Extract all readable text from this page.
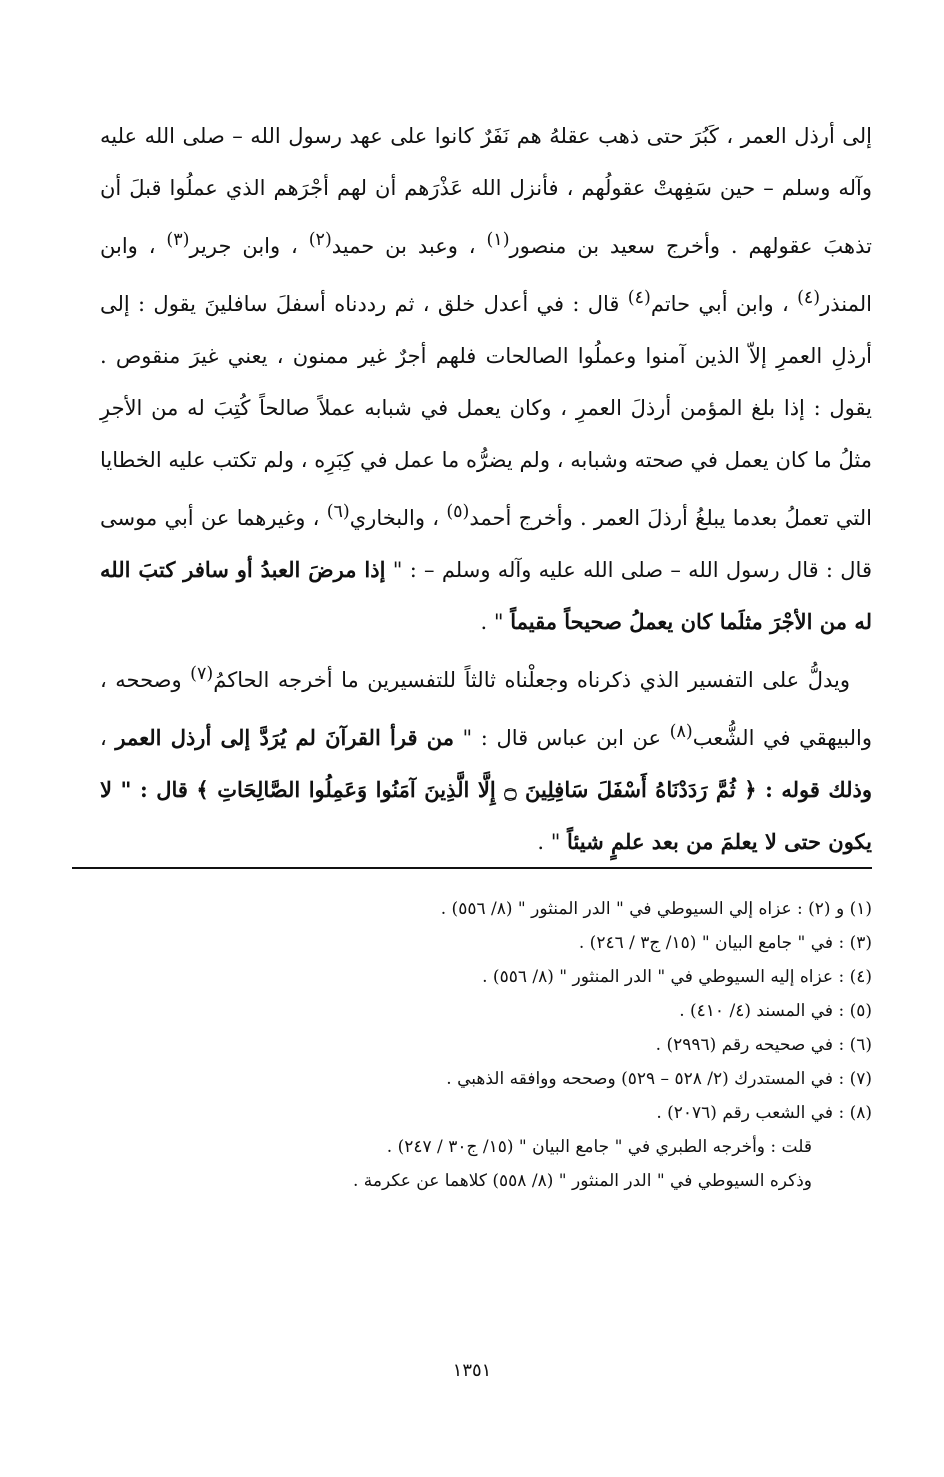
إلى أرذل العمر ، كَبُرَ حتى ذهب عقلهُ هم نَفَرٌ كانوا على عهد رسول الله – صلى الله عليه وآله وسلم – حين سَفِهتْ عقولُهم ، فأنزل الله عَذْرَهم أن لهم أجْرَهم الذي عملُوا قبلَ أن تذهبَ عقولهم . وأخرج سعيد بن منصور$^{(١)}$ ، وعبد بن حميد$^{(٢)}$ ، وابن جرير$^{(٣)}$ ، وابن المنذر$^{(٤)}$ ، وابن أبي حاتم$^{(٤)}$ قال : في أعدل خلق ، ثم رددناه أسفلَ سافلينَ يقول : إلى أرذلِ العمرِ إلاّ الذين آمنوا وعملُوا الصالحات فلهم أجرٌ غير ممنون ، يعني غيرَ منقوص . يقول : إذا بلغ المؤمن أرذلَ العمرِ ، وكان يعمل في شبابه عملاً صالحاً كُتِبَ له من الأجرِ مثلُ ما كان يعمل في صحته وشبابه ، ولم يضرُّه ما عمل في كِبَرِه ، ولم تكتب عليه الخطايا التي تعملُ بعدما يبلغُ أرذلَ العمر . وأخرج أحمد$^{(٥)}$ ، والبخاري$^{(٦)}$ ، وغيرهما عن أبي موسى قال : قال رسول الله – صلى الله عليه وآله وسلم – : " إذا مرضَ العبدُ أو سافر كتبَ الله له من الأجْرَ مثلَما كان يعملُ صحيحاً مقيماً " .

ويدلُّ على التفسير الذي ذكرناه وجعلْناه ثالثاً للتفسيرين ما أخرجه الحاكمُ$^{(٧)}$ وصححه ، والبيهقي في الشُّعب$^{(٨)}$ عن ابن عباس قال : " من قرأ القرآنَ لم يُرَدَّ إلى أرذل العمر ، وذلك قوله : ﴿ ثُمَّ رَدَدْنَاهُ أَسْفَلَ سَافِلِينَ ۝ إِلَّا الَّذِينَ آمَنُوا وَعَمِلُوا الصَّالِحَاتِ ﴾ قال : " لا يكون حتى لا يعلمَ من بعد علمٍ شيئاً " .

(١) و (٢) : عزاه إلي السيوطي في " الدر المنثور " (٨/ ٥٥٦) .

(٣) : في " جامع البيان " (١٥/ ج٣ / ٢٤٦) .

(٤) : عزاه إليه السيوطي في " الدر المنثور " (٨/ ٥٥٦) .

(٥) : في المسند (٤/ ٤١٠) .

(٦) : في صحيحه رقم (٢٩٩٦) .

(٧) : في المستدرك (٢/ ٥٢٨ – ٥٢٩) وصححه ووافقه الذهبي .

(٨) : في الشعب رقم (٢٠٧٦) .

قلت : وأخرجه الطبري في " جامع البيان " (١٥/ ج٣٠ / ٢٤٧) .

وذكره السيوطي في " الدر المنثور " (٨/ ٥٥٨) كلاهما عن عكرمة .

١٣٥١
